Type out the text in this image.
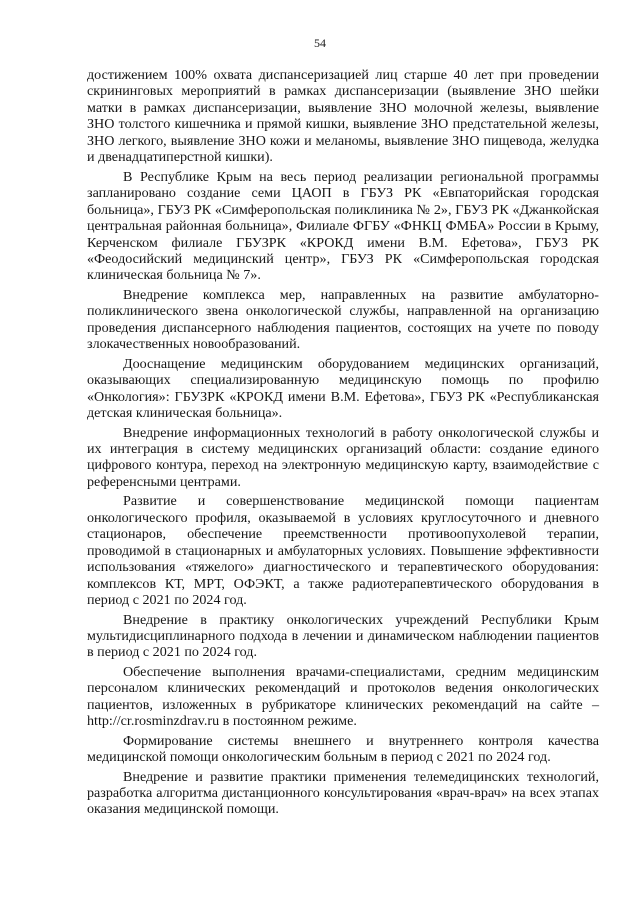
54

достижением 100% охвата диспансеризацией лиц старше 40 лет при проведении скрининговых мероприятий в рамках диспансеризации (выявление ЗНО шейки матки в рамках диспансеризации, выявление ЗНО молочной железы, выявление ЗНО толстого кишечника и прямой кишки, выявление ЗНО предстательной железы, ЗНО легкого, выявление ЗНО кожи и меланомы, выявление ЗНО пищевода, желудка и двенадцатиперстной кишки).

В Республике Крым на весь период реализации региональной программы запланировано создание семи ЦАОП в ГБУЗ РК «Евпаторийская городская больница», ГБУЗ РК «Симферопольская поликлиника № 2», ГБУЗ РК «Джанкойская центральная районная больница», Филиале ФГБУ «ФНКЦ ФМБА» России в Крыму, Керченском филиале ГБУЗРК «КРОКД имени В.М. Ефетова», ГБУЗ РК «Феодосийский медицинский центр», ГБУЗ РК «Симферопольская городская клиническая больница № 7».

Внедрение комплекса мер, направленных на развитие амбулаторно-поликлинического звена онкологической службы, направленной на организацию проведения диспансерного наблюдения пациентов, состоящих на учете по поводу злокачественных новообразований.

Дооснащение медицинским оборудованием медицинских организаций, оказывающих специализированную медицинскую помощь по профилю «Онкология»: ГБУЗРК «КРОКД имени В.М. Ефетова», ГБУЗ РК «Республиканская детская клиническая больница».

Внедрение информационных технологий в работу онкологической службы и их интеграция в систему медицинских организаций области: создание единого цифрового контура, переход на электронную медицинскую карту, взаимодействие с референсными центрами.

Развитие и совершенствование медицинской помощи пациентам онкологического профиля, оказываемой в условиях круглосуточного и дневного стационаров, обеспечение преемственности противоопухолевой терапии, проводимой в стационарных и амбулаторных условиях. Повышение эффективности использования «тяжелого» диагностического и терапевтического оборудования: комплексов КТ, МРТ, ОФЭКТ, а также радиотерапевтического оборудования в период с 2021 по 2024 год.

Внедрение в практику онкологических учреждений Республики Крым мультидисциплинарного подхода в лечении и динамическом наблюдении пациентов в период с 2021 по 2024 год.

Обеспечение выполнения врачами-специалистами, средним медицинским персоналом клинических рекомендаций и протоколов ведения онкологических пациентов, изложенных в рубрикаторе клинических рекомендаций на сайте – http://cr.rosminzdrav.ru в постоянном режиме.

Формирование системы внешнего и внутреннего контроля качества медицинской помощи онкологическим больным в период с 2021 по 2024 год.

Внедрение и развитие практики применения телемедицинских технологий, разработка алгоритма дистанционного консультирования «врач-врач» на всех этапах оказания медицинской помощи.
